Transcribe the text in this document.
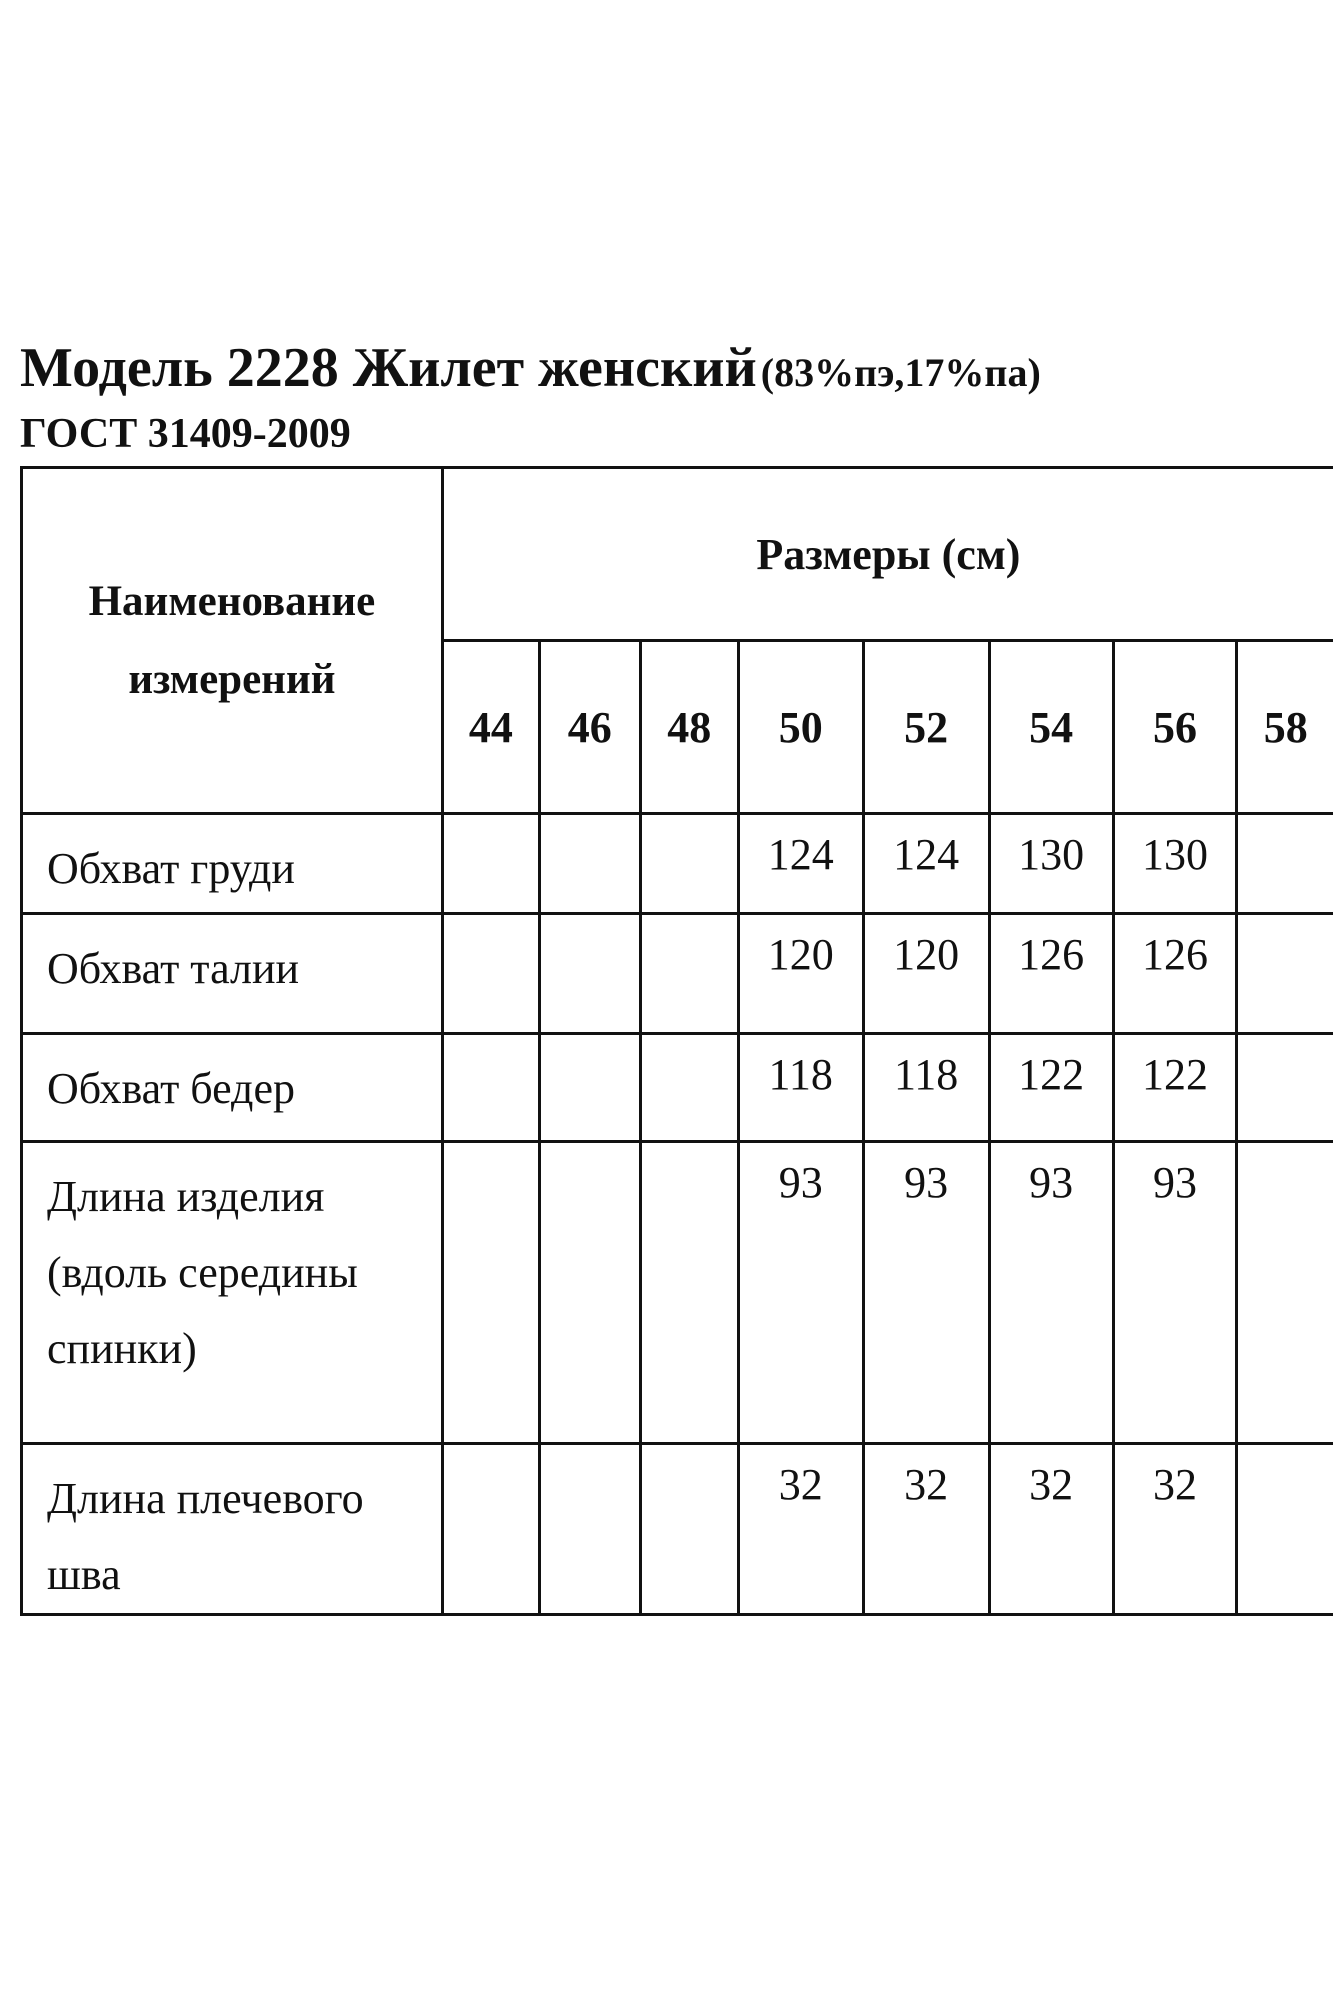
Модель 2228 Жилет женский (83%пэ,17%па)
ГОСТ 31409-2009
Наименование измерений	Размеры (см)							
	44	46	48	50	52	54	56	58
Обхват груди				124	124	130	130	
Обхват талии				120	120	126	126	
Обхват бедер				118	118	122	122	
Длина изделия (вдоль середины спинки)				93	93	93	93	
Длина плечевого шва				32	32	32	32	
